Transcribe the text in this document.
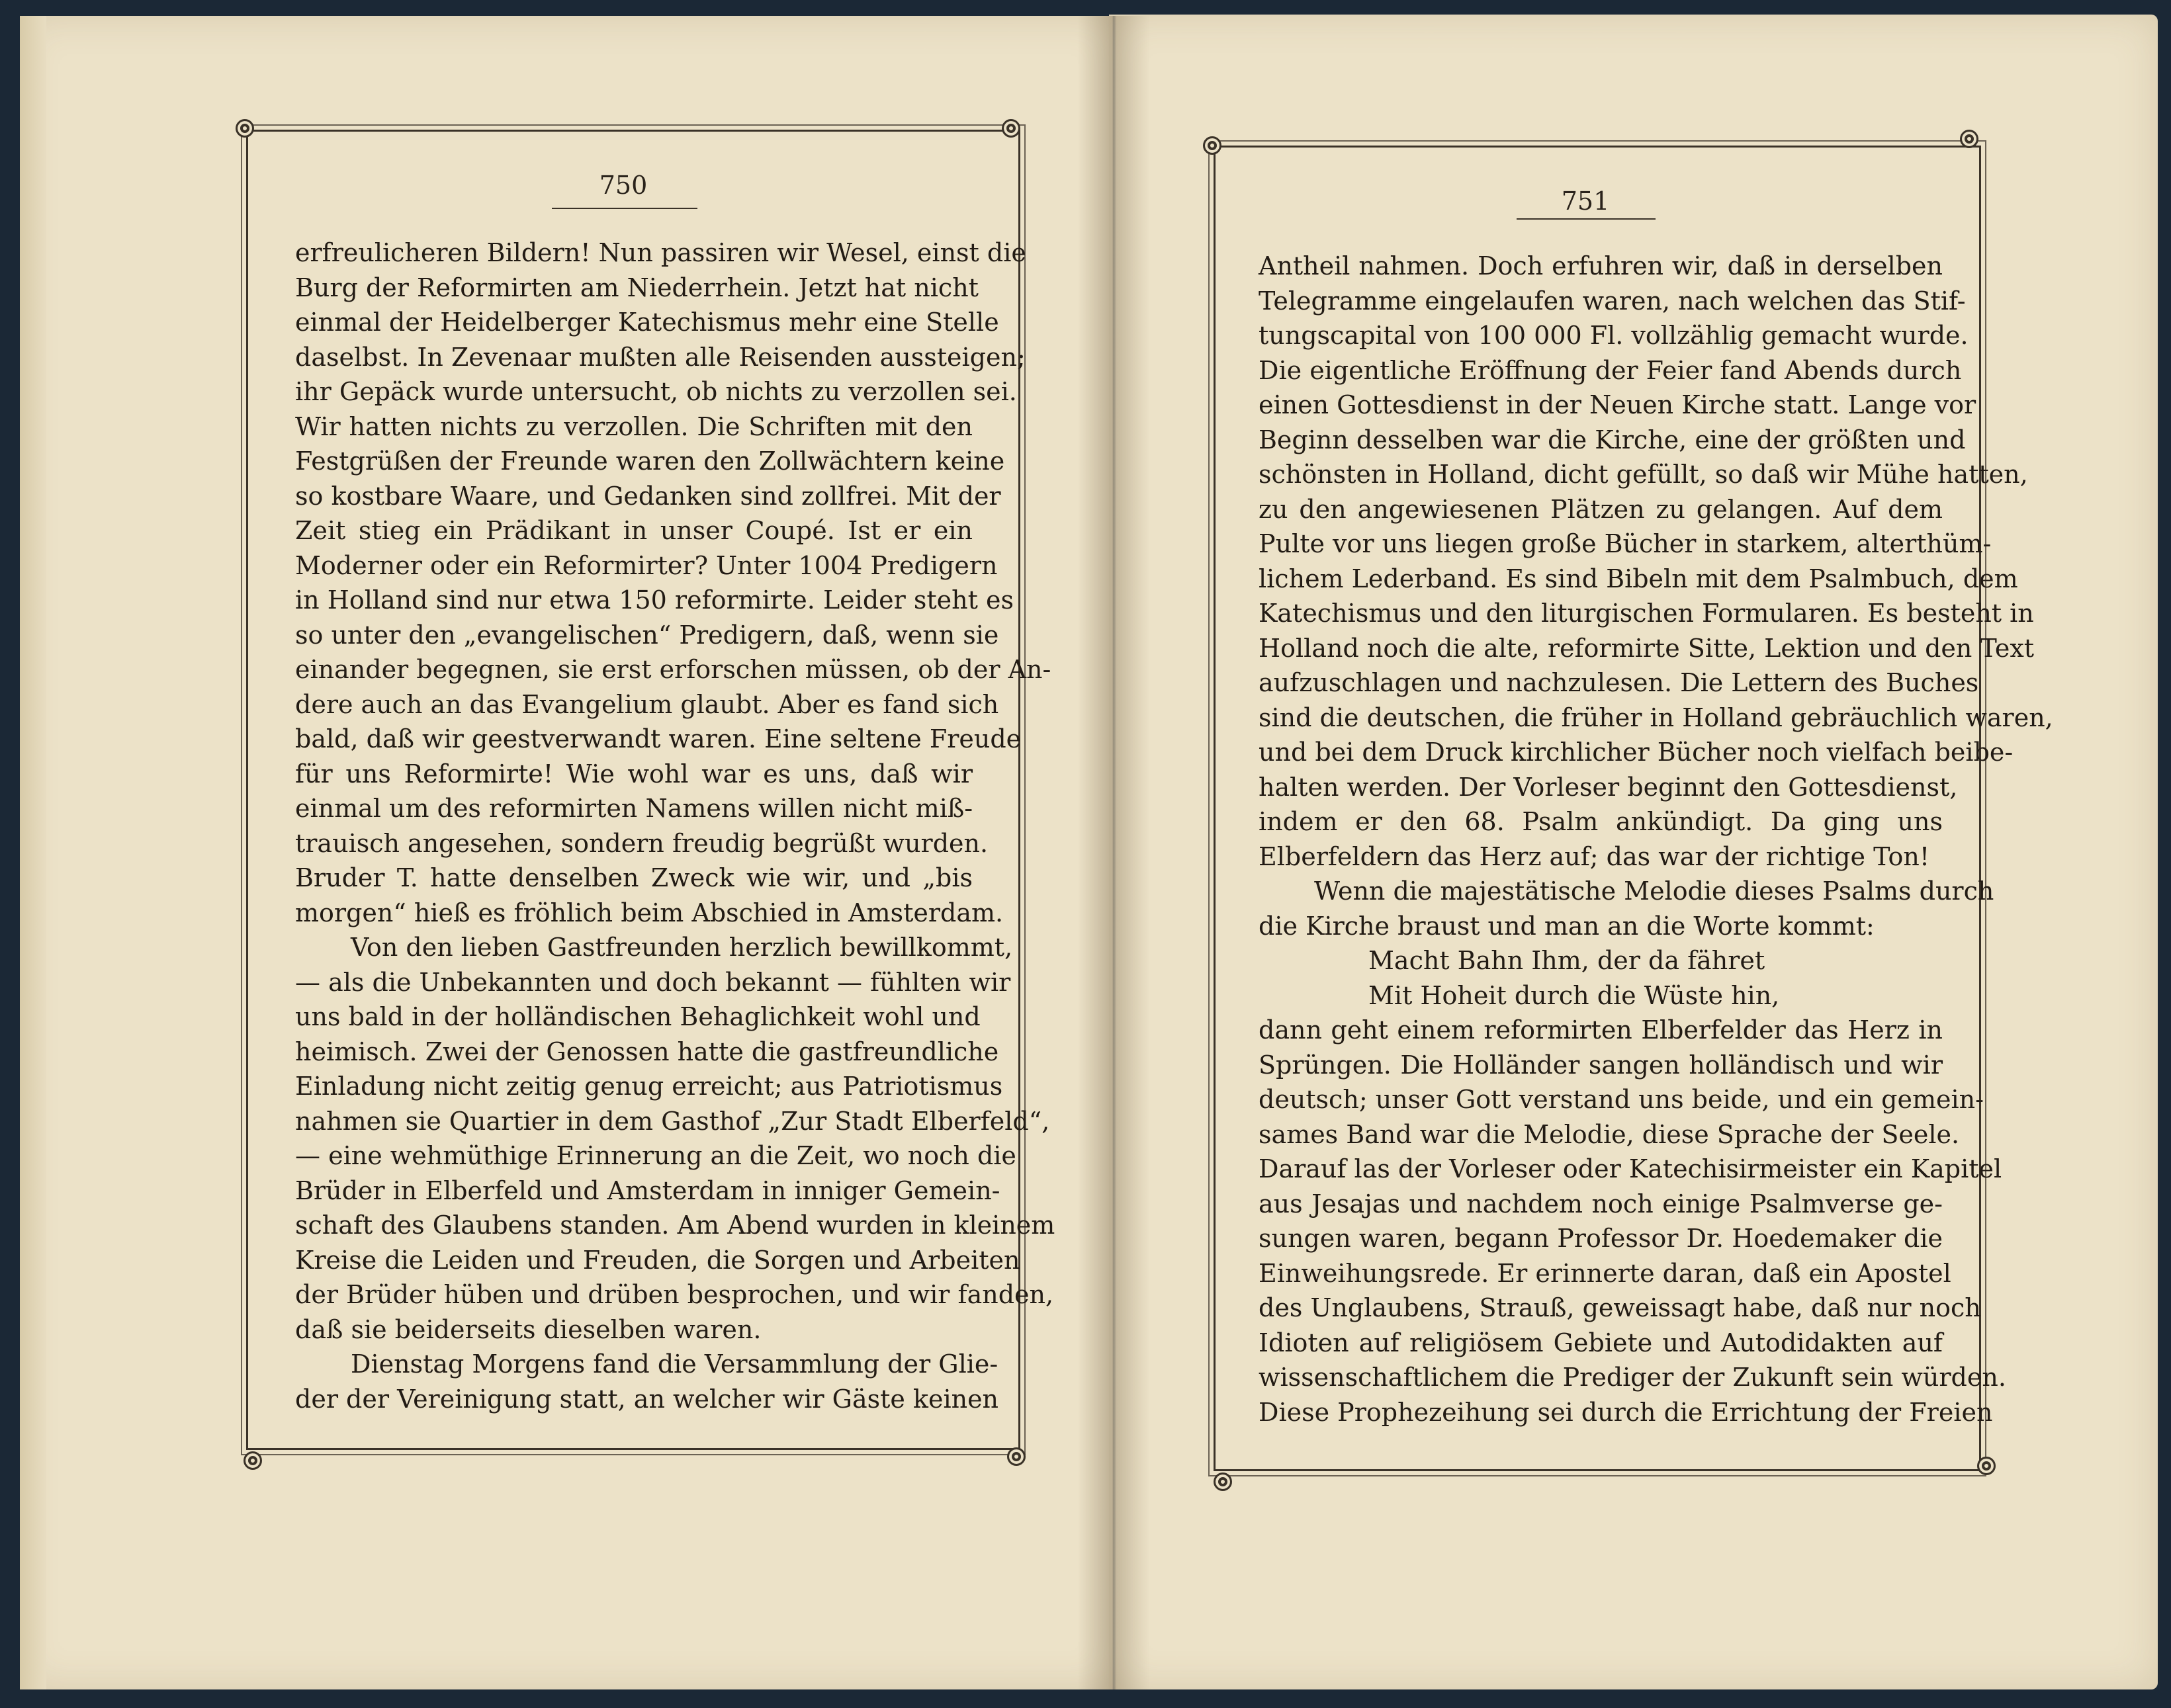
750
erfreulicheren Bildern! Nun passiren wir Wesel, einst die
Burg der Reformirten am Niederrhein. Jetzt hat nicht
einmal der Heidelberger Katechismus mehr eine Stelle
daselbst. In Zevenaar mußten alle Reisenden aussteigen;
ihr Gepäck wurde untersucht, ob nichts zu verzollen sei.
Wir hatten nichts zu verzollen. Die Schriften mit den
Festgrüßen der Freunde waren den Zollwächtern keine
so kostbare Waare, und Gedanken sind zollfrei. Mit der
Zeit stieg ein Prädikant in unser Coupé. Ist er ein
Moderner oder ein Reformirter? Unter 1004 Predigern
in Holland sind nur etwa 150 reformirte. Leider steht es
so unter den „evangelischen“ Predigern, daß, wenn sie
einander begegnen, sie erst erforschen müssen, ob der An-
dere auch an das Evangelium glaubt. Aber es fand sich
bald, daß wir geestverwandt waren. Eine seltene Freude
für uns Reformirte! Wie wohl war es uns, daß wir
einmal um des reformirten Namens willen nicht miß-
trauisch angesehen, sondern freudig begrüßt wurden.
Bruder T. hatte denselben Zweck wie wir, und „bis
morgen“ hieß es fröhlich beim Abschied in Amsterdam.
Von den lieben Gastfreunden herzlich bewillkommt,
— als die Unbekannten und doch bekannt — fühlten wir
uns bald in der holländischen Behaglichkeit wohl und
heimisch. Zwei der Genossen hatte die gastfreundliche
Einladung nicht zeitig genug erreicht; aus Patriotismus
nahmen sie Quartier in dem Gasthof „Zur Stadt Elberfeld“,
— eine wehmüthige Erinnerung an die Zeit, wo noch die
Brüder in Elberfeld und Amsterdam in inniger Gemein-
schaft des Glaubens standen. Am Abend wurden in kleinem
Kreise die Leiden und Freuden, die Sorgen und Arbeiten
der Brüder hüben und drüben besprochen, und wir fanden,
daß sie beiderseits dieselben waren.
Dienstag Morgens fand die Versammlung der Glie-
der der Vereinigung statt, an welcher wir Gäste keinen
751
Antheil nahmen. Doch erfuhren wir, daß in derselben
Telegramme eingelaufen waren, nach welchen das Stif-
tungscapital von 100 000 Fl. vollzählig gemacht wurde.
Die eigentliche Eröffnung der Feier fand Abends durch
einen Gottesdienst in der Neuen Kirche statt. Lange vor
Beginn desselben war die Kirche, eine der größten und
schönsten in Holland, dicht gefüllt, so daß wir Mühe hatten,
zu den angewiesenen Plätzen zu gelangen. Auf dem
Pulte vor uns liegen große Bücher in starkem, alterthüm-
lichem Lederband. Es sind Bibeln mit dem Psalmbuch, dem
Katechismus und den liturgischen Formularen. Es besteht in
Holland noch die alte, reformirte Sitte, Lektion und den Text
aufzuschlagen und nachzulesen. Die Lettern des Buches
sind die deutschen, die früher in Holland gebräuchlich waren,
und bei dem Druck kirchlicher Bücher noch vielfach beibe-
halten werden. Der Vorleser beginnt den Gottesdienst,
indem er den 68. Psalm ankündigt. Da ging uns
Elberfeldern das Herz auf; das war der richtige Ton!
Wenn die majestätische Melodie dieses Psalms durch
die Kirche braust und man an die Worte kommt:
Macht Bahn Ihm, der da fähret
Mit Hoheit durch die Wüste hin,
dann geht einem reformirten Elberfelder das Herz in
Sprüngen. Die Holländer sangen holländisch und wir
deutsch; unser Gott verstand uns beide, und ein gemein-
sames Band war die Melodie, diese Sprache der Seele.
Darauf las der Vorleser oder Katechisirmeister ein Kapitel
aus Jesajas und nachdem noch einige Psalmverse ge-
sungen waren, begann Professor Dr. Hoedemaker die
Einweihungsrede. Er erinnerte daran, daß ein Apostel
des Unglaubens, Strauß, geweissagt habe, daß nur noch
Idioten auf religiösem Gebiete und Autodidakten auf
wissenschaftlichem die Prediger der Zukunft sein würden.
Diese Prophezeihung sei durch die Errichtung der Freien
